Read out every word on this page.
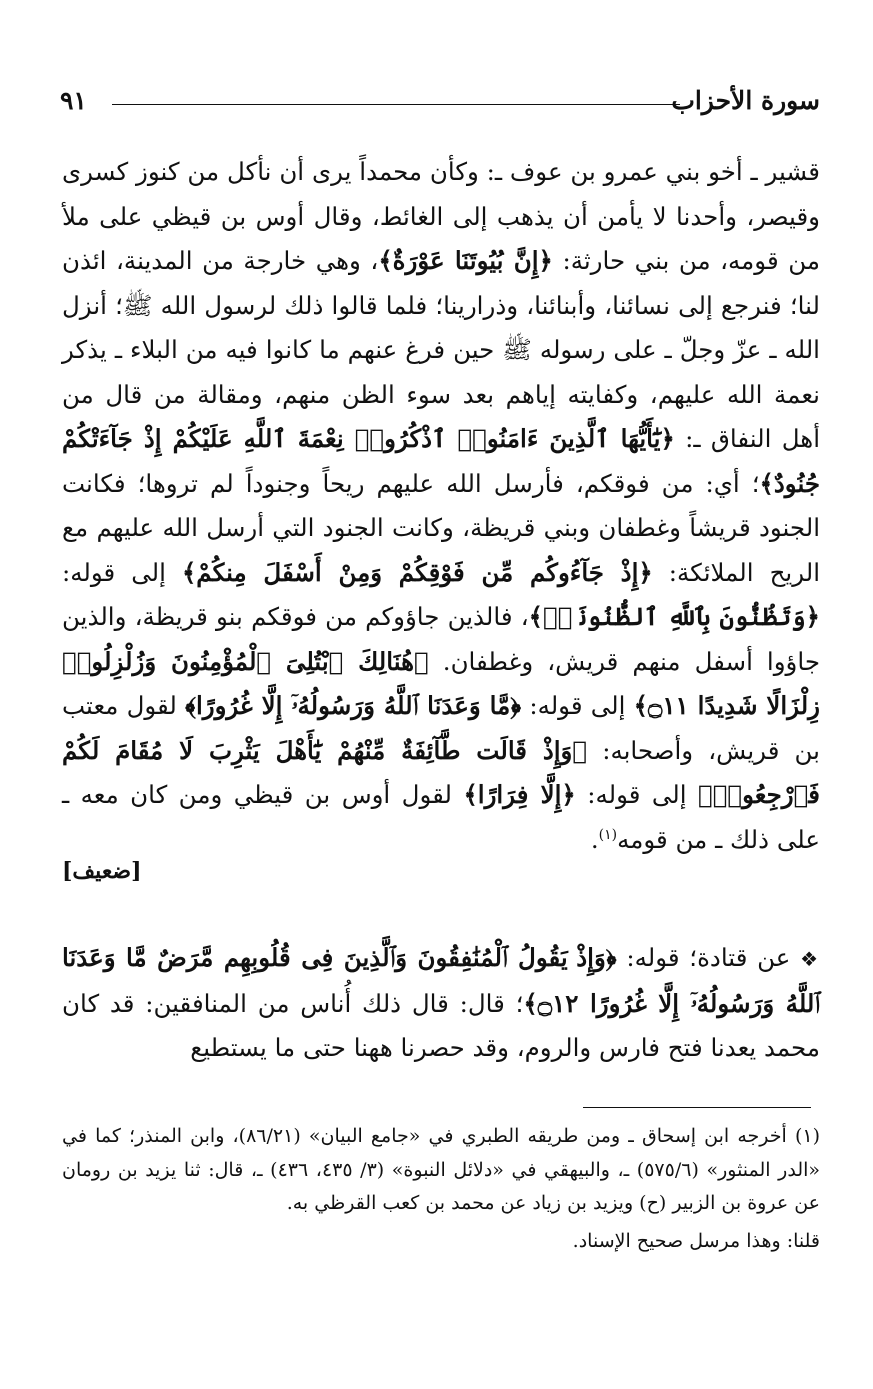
سورة الأحزاب
٩١

قشير ـ أخو بني عمرو بن عوف ـ: وكأن محمداً يرى أن نأكل من كنوز كسرى وقيصر، وأحدنا لا يأمن أن يذهب إلى الغائط، وقال أوس بن قيظي على ملأ من قومه، من بني حارثة: ﴿إِنَّ بُيُوتَنَا عَوْرَةٌ﴾، وهي خارجة من المدينة، ائذن لنا؛ فنرجع إلى نسائنا، وأبنائنا، وذرارينا؛ فلما قالوا ذلك لرسول الله ﷺ؛ أنزل الله ـ عزّ وجلّ ـ على رسوله ﷺ حين فرغ عنهم ما كانوا فيه من البلاء ـ يذكر نعمة الله عليهم، وكفايته إياهم بعد سوء الظن منهم، ومقالة من قال من أهل النفاق ـ: ﴿يَٰٓأَيُّهَا ٱلَّذِينَ ءَامَنُوا۟ ٱذْكُرُوا۟ نِعْمَةَ ٱللَّهِ عَلَيْكُمْ إِذْ جَآءَتْكُمْ جُنُودٌ﴾؛ أي: من فوقكم، فأرسل الله عليهم ريحاً وجنوداً لم تروها؛ فكانت الجنود قريشاً وغطفان وبني قريظة، وكانت الجنود التي أرسل الله عليهم مع الريح الملائكة: ﴿إِذْ جَآءُوكُم مِّن فَوْقِكُمْ وَمِنْ أَسْفَلَ مِنكُمْ﴾ إلى قوله: ﴿وَتَظُنُّونَ بِٱللَّهِ ٱلظُّنُونَا۠﴾، فالذين جاؤوكم من فوقكم بنو قريظة، والذين جاؤوا أسفل منهم قريش، وغطفان. ﴿هُنَالِكَ ٱبْتُلِىَ ٱلْمُؤْمِنُونَ وَزُلْزِلُوا۟ زِلْزَالًا شَدِيدًا ۝١١﴾ إلى قوله: ﴿مَّا وَعَدَنَا ٱللَّهُ وَرَسُولُهُۥٓ إِلَّا غُرُورًا﴾ لقول معتب بن قريش، وأصحابه: ﴿وَإِذْ قَالَت طَّآئِفَةٌ مِّنْهُمْ يَٰٓأَهْلَ يَثْرِبَ لَا مُقَامَ لَكُمْ فَٱرْجِعُوا۟﴾ إلى قوله: ﴿إِلَّا فِرَارًا﴾ لقول أوس بن قيظي ومن كان معه ـ على ذلك ـ من قومه$^{(١)}$.

[ضعيف]

❖ عن قتادة؛ قوله: ﴿وَإِذْ يَقُولُ ٱلْمُنَٰفِقُونَ وَٱلَّذِينَ فِى قُلُوبِهِم مَّرَضٌ مَّا وَعَدَنَا ٱللَّهُ وَرَسُولُهُۥٓ إِلَّا غُرُورًا ۝١٢﴾؛ قال: قال ذلك أُناس من المنافقين: قد كان محمد يعدنا فتح فارس والروم، وقد حصرنا ههنا حتى ما يستطيع

(١) أخرجه ابن إسحاق ـ ومن طريقه الطبري في «جامع البيان» (٨٦/٢١)، وابن المنذر؛ كما في «الدر المنثور» (٥٧٥/٦) ـ، والبيهقي في «دلائل النبوة» (٣/ ٤٣٥، ٤٣٦) ـ، قال: ثنا يزيد بن رومان عن عروة بن الزبير (ح) ويزيد بن زياد عن محمد بن كعب القرظي به.

قلنا: وهذا مرسل صحيح الإسناد.
